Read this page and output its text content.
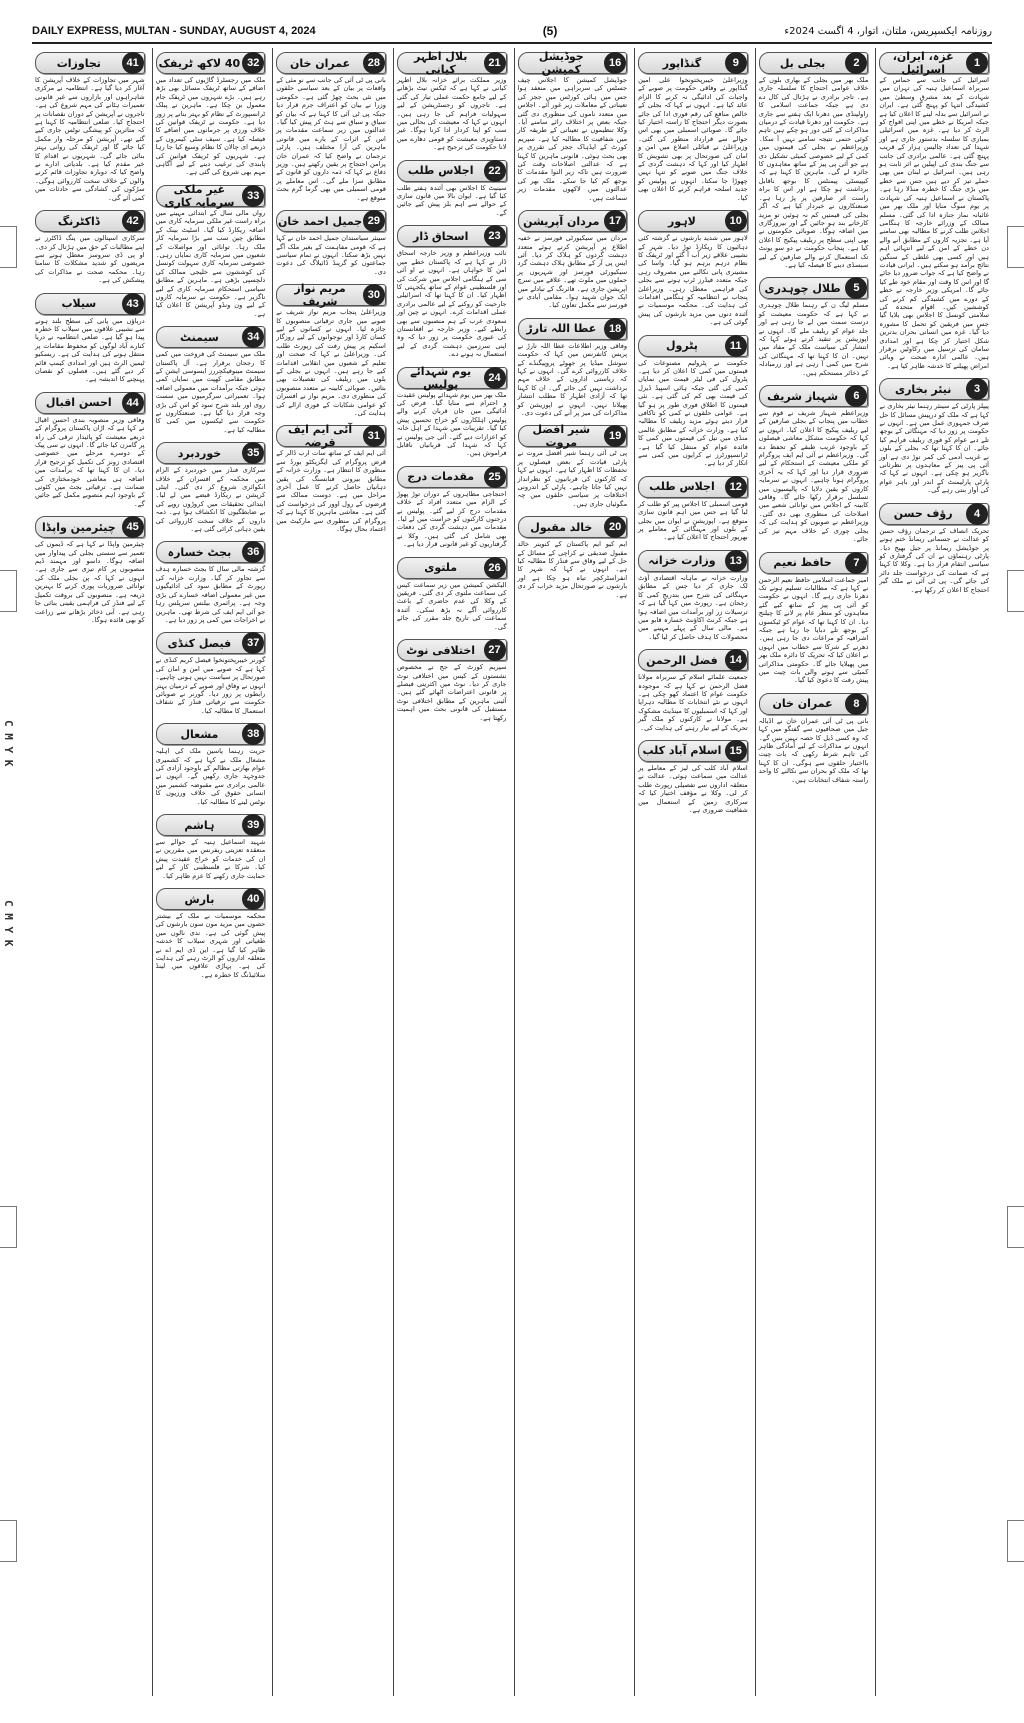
C M Y K
C M Y K
DAILY EXPRESS, MULTAN - SUNDAY, AUGUST 4, 2024	(5)	روزنامہ ایکسپریس، ملتان، اتوار، 4 اگست 2024ء
1
غزہ، ایران، اسرائیل

اسرائیل کی جانب سے حماس کے سربراہ اسماعیل ہنیہ کی تہران میں شہادت کے بعد مشرق وسطیٰ میں کشیدگی انتہا کو پہنچ گئی ہے۔ ایران نے اسرائیل سے بدلہ لینے کا اعلان کیا ہے جبکہ امریکا نے خطے میں اپنی افواج کو الرٹ کر دیا ہے۔ غزہ میں اسرائیلی بمباری کا سلسلہ بدستور جاری ہے اور شہدا کی تعداد چالیس ہزار کے قریب پہنچ گئی ہے۔ عالمی برادری کی جانب سے جنگ بندی کی اپیلیں بے اثر ثابت ہو رہی ہیں۔ اسرائیل نے لبنان میں بھی حملے تیز کر دیے ہیں جس سے خطے میں بڑی جنگ کا خطرہ منڈلا رہا ہے۔ پاکستان نے اسماعیل ہنیہ کی شہادت پر یوم سوگ منایا اور ملک بھر میں غائبانہ نماز جنازہ ادا کی گئی۔ مسلم ممالک کے وزرائے خارجہ کا ہنگامی اجلاس طلب کرنے کا مطالبہ بھی سامنے آیا ہے۔ تجزیہ کاروں کے مطابق آنے والے دن خطے کے امن کے لیے انتہائی اہم ہیں اور کسی بھی غلطی کے سنگین نتائج برآمد ہو سکتے ہیں۔ ایرانی قیادت نے واضح کیا ہے کہ جواب ضرور دیا جائے گا اور اس کا وقت اور مقام خود طے کیا جائے گا۔ امریکی وزیر خارجہ نے خطے کے دورے میں کشیدگی کم کرنے کی کوششیں کیں۔ اقوام متحدہ کی سلامتی کونسل کا اجلاس بھی بلایا گیا جس میں فریقین کو تحمل کا مشورہ دیا گیا۔ غزہ میں انسانی بحران بدترین شکل اختیار کر چکا ہے اور امدادی سامان کی ترسیل میں رکاوٹیں برقرار ہیں۔ عالمی ادارہ صحت نے وبائی امراض پھیلنے کا خدشہ ظاہر کیا ہے۔

3
نیئر بخاری

پیپلز پارٹی کے سینئر رہنما نیئر بخاری نے کہا ہے کہ ملک کو درپیش مسائل کا حل صرف جمہوری عمل میں ہے۔ انہوں نے حکومت پر زور دیا کہ مہنگائی کے بوجھ تلے دبے عوام کو فوری ریلیف فراہم کیا جائے۔ ان کا کہنا تھا کہ بجلی کے بلوں نے غریب آدمی کی کمر توڑ دی ہے اور آئی پی پیز کے معاہدوں پر نظرثانی ناگزیر ہو چکی ہے۔ انہوں نے کہا کہ پارٹی پارلیمنٹ کے اندر اور باہر عوام کی آواز بنتی رہے گی۔

4
رؤف حسن

تحریک انصاف کے ترجمان رؤف حسن کو عدالت نے جسمانی ریمانڈ ختم ہونے پر جوڈیشل ریمانڈ پر جیل بھیج دیا۔ پارٹی رہنماؤں نے ان کی گرفتاری کو سیاسی انتقام قرار دیا ہے۔ وکلا کا کہنا ہے کہ ضمانت کی درخواست جلد دائر کی جائے گی۔ پی ٹی آئی نے ملک گیر احتجاج کا اعلان کر رکھا ہے۔

2
بجلی بل

ملک بھر میں بجلی کے بھاری بلوں کے خلاف عوامی احتجاج کا سلسلہ جاری ہے۔ تاجر برادری نے ہڑتال کی کال دے دی ہے جبکہ جماعت اسلامی کا راولپنڈی میں دھرنا ایک ہفتے سے جاری ہے۔ حکومت اور دھرنا قیادت کے درمیان مذاکرات کے کئی دور ہو چکے ہیں تاہم کوئی حتمی نتیجہ سامنے نہیں آ سکا۔ وزیراعظم نے بجلی کی قیمتوں میں کمی کے لیے خصوصی کمیٹی تشکیل دی ہے جو آئی پی پیز کے ساتھ معاہدوں کا جائزہ لے گی۔ ماہرین کا کہنا ہے کہ کیپیسٹی پیمنٹس کا بوجھ ناقابل برداشت ہو چکا ہے اور اس کا براہ راست اثر صارفین پر پڑ رہا ہے۔ صنعتکاروں نے خبردار کیا ہے کہ اگر بجلی کی قیمتیں کم نہ ہوئیں تو مزید کارخانے بند ہو جائیں گے اور بیروزگاری میں اضافہ ہوگا۔ صوبائی حکومتوں نے بھی اپنی سطح پر ریلیف پیکیج کا اعلان کیا ہے۔ پنجاب حکومت نے دو سو یونٹ تک استعمال کرنے والے صارفین کے لیے سبسڈی دینے کا فیصلہ کیا ہے۔

5
طلال چوہدری

مسلم لیگ ن کے رہنما طلال چوہدری نے کہا ہے کہ حکومت معیشت کو درست سمت میں لے جا رہی ہے اور جلد عوام کو ریلیف ملے گا۔ انہوں نے اپوزیشن پر تنقید کرتے ہوئے کہا کہ انتشار کی سیاست ملک کے مفاد میں نہیں۔ ان کا کہنا تھا کہ مہنگائی کی شرح میں کمی آ رہی ہے اور زرمبادلہ کے ذخائر مستحکم ہیں۔

6
شہباز شریف

وزیراعظم شہباز شریف نے قوم سے خطاب میں پنجاب کے بجلی صارفین کے لیے ریلیف پیکیج کا اعلان کیا۔ انہوں نے کہا کہ حکومت مشکل معاشی فیصلوں کے باوجود غریب طبقے کو تحفظ دے گی۔ وزیراعظم نے آئی ایم ایف پروگرام کو ملکی معیشت کے استحکام کے لیے ضروری قرار دیا اور کہا کہ یہ آخری پروگرام ہونا چاہیے۔ انہوں نے سرمایہ کاروں کو یقین دلایا کہ پالیسیوں میں تسلسل برقرار رکھا جائے گا۔ وفاقی کابینہ کے اجلاس میں توانائی شعبے میں اصلاحات کی منظوری بھی دی گئی۔ وزیراعظم نے صوبوں کو ہدایت کی کہ بجلی چوری کے خلاف مہم تیز کی جائے۔

7
حافظ نعیم

امیر جماعت اسلامی حافظ نعیم الرحمن نے کہا ہے کہ مطالبات تسلیم ہونے تک دھرنا جاری رہے گا۔ انہوں نے حکومت کو آئی پی پیز کے ساتھ کیے گئے معاہدوں کو منظر عام پر لانے کا چیلنج دیا۔ ان کا کہنا تھا کہ عوام کو ٹیکسوں کے بوجھ تلے دبایا جا رہا ہے جبکہ اشرافیہ کو مراعات دی جا رہی ہیں۔ دھرنے کے شرکا سے خطاب میں انہوں نے اعلان کیا کہ تحریک کا دائرہ ملک بھر میں پھیلایا جائے گا۔ حکومتی مذاکراتی کمیٹی سے ہونے والی بات چیت میں پیش رفت کا دعویٰ کیا گیا۔

8
عمران خان

بانی پی ٹی آئی عمران خان نے اڈیالہ جیل میں صحافیوں سے گفتگو میں کہا کہ وہ کسی ڈیل کا حصہ نہیں بنیں گے۔ انہوں نے مذاکرات کے لیے آمادگی ظاہر کی تاہم شرط رکھی کہ بات چیت بااختیار حلقوں سے ہوگی۔ ان کا کہنا تھا کہ ملک کو بحران سے نکالنے کا واحد راستہ شفاف انتخابات ہیں۔

9
گنڈاپور

وزیراعلیٰ خیبرپختونخوا علی امین گنڈاپور نے وفاقی حکومت پر صوبے کے واجبات کی ادائیگی نہ کرنے کا الزام عائد کیا ہے۔ انہوں نے کہا کہ بجلی کے خالص منافع کی رقم فوری ادا کی جائے بصورت دیگر احتجاج کا راستہ اختیار کیا جائے گا۔ صوبائی اسمبلی میں بھی اس حوالے سے قرارداد منظور کی گئی۔ وزیراعلیٰ نے قبائلی اضلاع میں امن و امان کی صورتحال پر بھی تشویش کا اظہار کیا اور کہا کہ دہشت گردی کے خلاف جنگ میں صوبے کو تنہا نہیں چھوڑا جا سکتا۔ انہوں نے پولیس کو جدید اسلحہ فراہم کرنے کا اعلان بھی کیا۔

10
لاہور

لاہور میں شدید بارشوں نے گزشتہ کئی دہائیوں کا ریکارڈ توڑ دیا۔ شہر کے نشیبی علاقے زیر آب آ گئے اور ٹریفک کا نظام درہم برہم ہو گیا۔ واسا کی مشینری پانی نکالنے میں مصروف رہی جبکہ متعدد فیڈرز ٹرپ ہونے سے بجلی کی فراہمی معطل رہی۔ وزیراعلیٰ پنجاب نے انتظامیہ کو ہنگامی اقدامات کی ہدایت کی۔ محکمہ موسمیات نے آئندہ دنوں میں مزید بارشوں کی پیش گوئی کی ہے۔

11
پٹرول

حکومت نے پٹرولیم مصنوعات کی قیمتوں میں کمی کا اعلان کر دیا ہے۔ پٹرول کی فی لیٹر قیمت میں نمایاں کمی کی گئی جبکہ ہائی اسپیڈ ڈیزل کی قیمت بھی کم کی گئی ہے۔ نئی قیمتوں کا اطلاق فوری طور پر ہو گیا ہے۔ عوامی حلقوں نے کمی کو ناکافی قرار دیتے ہوئے مزید ریلیف کا مطالبہ کیا ہے۔ وزارت خزانہ کے مطابق عالمی منڈی میں تیل کی قیمتوں میں کمی کا فائدہ عوام کو منتقل کیا گیا ہے۔ ٹرانسپورٹرز نے کرایوں میں کمی سے انکار کر دیا ہے۔

12
اجلاس طلب

قومی اسمبلی کا اجلاس پیر کو طلب کر لیا گیا ہے جس میں اہم قانون سازی متوقع ہے۔ اپوزیشن نے ایوان میں بجلی کے بلوں اور مہنگائی کے معاملے پر بھرپور احتجاج کا اعلان کیا ہے۔

13
وزارت خزانہ

وزارت خزانہ نے ماہانہ اقتصادی آؤٹ لک جاری کر دیا جس کے مطابق مہنگائی کی شرح میں بتدریج کمی کا رجحان ہے۔ رپورٹ میں کہا گیا ہے کہ ترسیلات زر اور برآمدات میں اضافہ ہوا ہے جبکہ کرنٹ اکاؤنٹ خسارہ قابو میں ہے۔ مالی سال کے پہلے مہینے میں محصولات کا ہدف حاصل کر لیا گیا۔

14
فضل الرحمن

جمعیت علمائے اسلام کے سربراہ مولانا فضل الرحمن نے کہا ہے کہ موجودہ حکومت عوام کا اعتماد کھو چکی ہے۔ انہوں نے نئے انتخابات کا مطالبہ دہرایا اور کہا کہ اسمبلیوں کا مینڈیٹ مشکوک ہے۔ مولانا نے کارکنوں کو ملک گیر تحریک کے لیے تیار رہنے کی ہدایت کی۔

15
اسلام آباد کلب

اسلام آباد کلب کی لیز کے معاملے پر عدالت میں سماعت ہوئی۔ عدالت نے متعلقہ اداروں سے تفصیلی رپورٹ طلب کر لی۔ وکلا نے مؤقف اختیار کیا کہ سرکاری زمین کے استعمال میں شفافیت ضروری ہے۔

16
جوڈیشل کمیشن

جوڈیشل کمیشن کا اجلاس چیف جسٹس کی سربراہی میں منعقد ہوا جس میں ہائی کورٹس میں ججز کی تعیناتی کے معاملات زیر غور آئے۔ اجلاس میں متعدد ناموں کی منظوری دی گئی جبکہ بعض پر اختلاف رائے سامنے آیا۔ وکلا تنظیموں نے تعیناتی کے طریقہ کار میں شفافیت کا مطالبہ کیا ہے۔ سپریم کورٹ کے ایڈہاک ججز کی تقرری پر بھی بحث ہوئی۔ قانونی ماہرین کا کہنا ہے کہ عدالتی اصلاحات وقت کی ضرورت ہیں تاکہ زیر التوا مقدمات کا بوجھ کم کیا جا سکے۔ ملک بھر کی عدالتوں میں لاکھوں مقدمات زیر سماعت ہیں۔

17
مردان آپریشن

مردان میں سیکیورٹی فورسز نے خفیہ اطلاع پر آپریشن کرتے ہوئے متعدد دہشت گردوں کو ہلاک کر دیا۔ آئی ایس پی آر کے مطابق ہلاک دہشت گرد سیکیورٹی فورسز اور شہریوں پر حملوں میں ملوث تھے۔ علاقے میں سرچ آپریشن جاری ہے۔ فائرنگ کے تبادلے میں ایک جوان شہید ہوا۔ مقامی آبادی نے فورسز سے مکمل تعاون کیا۔

18
عطا اللہ تارڑ

وفاقی وزیر اطلاعات عطا اللہ تارڑ نے پریس کانفرنس میں کہا کہ حکومت سوشل میڈیا پر جھوٹے پروپیگنڈے کے خلاف کارروائی کرے گی۔ انہوں نے کہا کہ ریاستی اداروں کے خلاف مہم برداشت نہیں کی جائے گی۔ ان کا کہنا تھا کہ آزادی اظہار کا مطلب انتشار پھیلانا نہیں۔ انہوں نے اپوزیشن کو مذاکرات کی میز پر آنے کی دعوت دی۔

19
شیر افضل مروت

پی ٹی آئی رہنما شیر افضل مروت نے پارٹی قیادت کے بعض فیصلوں پر تحفظات کا اظہار کیا ہے۔ انہوں نے کہا کہ کارکنوں کی قربانیوں کو نظرانداز نہیں کیا جانا چاہیے۔ پارٹی کے اندرونی اختلافات پر سیاسی حلقوں میں چہ مگوئیاں جاری ہیں۔

20
خالد مقبول

ایم کیو ایم پاکستان کے کنوینر خالد مقبول صدیقی نے کراچی کے مسائل کے حل کے لیے وفاق سے فنڈز کا مطالبہ کیا ہے۔ انہوں نے کہا کہ شہر کا انفراسٹرکچر تباہ ہو چکا ہے اور بارشوں نے صورتحال مزید خراب کر دی ہے۔

21
بلال اظہر کیانی

وزیر مملکت برائے خزانہ بلال اظہر کیانی نے کہا ہے کہ ٹیکس نیٹ بڑھانے کے لیے جامع حکمت عملی تیار کی گئی ہے۔ تاجروں کو رجسٹریشن کے لیے سہولیات فراہم کی جا رہی ہیں۔ انہوں نے کہا کہ معیشت کی بحالی میں سب کو اپنا کردار ادا کرنا ہوگا۔ غیر دستاویزی معیشت کو قومی دھارے میں لانا حکومت کی ترجیح ہے۔

22
اجلاس طلب

سینیٹ کا اجلاس بھی آئندہ ہفتے طلب کیا گیا ہے۔ ایوان بالا میں قانون سازی کے حوالے سے اہم بلز پیش کیے جائیں گے۔

23
اسحاق ڈار

نائب وزیراعظم و وزیر خارجہ اسحاق ڈار نے کہا ہے کہ پاکستان خطے میں امن کا خواہاں ہے۔ انہوں نے او آئی سی کے ہنگامی اجلاس میں شرکت کی اور فلسطینی عوام کے ساتھ یکجہتی کا اظہار کیا۔ ان کا کہنا تھا کہ اسرائیلی جارحیت کو روکنے کے لیے عالمی برادری عملی اقدامات کرے۔ انہوں نے چین اور سعودی عرب کے ہم منصبوں سے بھی رابطے کیے۔ وزیر خارجہ نے افغانستان کی عبوری حکومت پر زور دیا کہ وہ اپنی سرزمین دہشت گردی کے لیے استعمال نہ ہونے دے۔

24
یوم شہدائے پولیس

ملک بھر میں یوم شہدائے پولیس عقیدت و احترام سے منایا گیا۔ فرض کی ادائیگی میں جان قربان کرنے والے پولیس اہلکاروں کو خراج تحسین پیش کیا گیا۔ تقریبات میں شہدا کے اہل خانہ کو اعزازات دیے گئے۔ آئی جی پولیس نے کہا کہ شہدا کی قربانیاں ناقابل فراموش ہیں۔

25
مقدمات درج

احتجاجی مظاہروں کے دوران توڑ پھوڑ کے الزام میں متعدد افراد کے خلاف مقدمات درج کر لیے گئے۔ پولیس نے درجنوں کارکنوں کو حراست میں لے لیا۔ مقدمات میں دہشت گردی کی دفعات بھی شامل کی گئی ہیں۔ وکلا نے گرفتاریوں کو غیر قانونی قرار دیا ہے۔

26
ملتوی

الیکشن کمیشن میں زیر سماعت کیس کی سماعت ملتوی کر دی گئی۔ فریقین کے وکلا کی عدم حاضری کے باعث کارروائی آگے نہ بڑھ سکی۔ آئندہ سماعت کی تاریخ جلد مقرر کی جائے گی۔

27
اختلافی نوٹ

سپریم کورٹ کے جج نے مخصوص نشستوں کے کیس میں اختلافی نوٹ جاری کر دیا۔ نوٹ میں اکثریتی فیصلے پر قانونی اعتراضات اٹھائے گئے ہیں۔ آئینی ماہرین کے مطابق اختلافی نوٹ مستقبل کی قانونی بحث میں اہمیت رکھتا ہے۔

28
عمران خان

بانی پی ٹی آئی کی جانب سے نو مئی کے واقعات پر بیان کے بعد سیاسی حلقوں میں نئی بحث چھڑ گئی ہے۔ حکومتی وزرا نے بیان کو اعتراف جرم قرار دیا جبکہ پی ٹی آئی کا کہنا ہے کہ بیان کو سیاق و سباق سے ہٹ کر پیش کیا گیا۔ عدالتوں میں زیر سماعت مقدمات پر اس کے اثرات کے بارے میں قانونی ماہرین کی آرا مختلف ہیں۔ پارٹی ترجمان نے واضح کیا کہ عمران خان پرامن احتجاج پر یقین رکھتے ہیں۔ وزیر دفاع نے کہا کہ ذمہ داروں کو قانون کے مطابق سزا ملے گی۔ اس معاملے پر قومی اسمبلی میں بھی گرما گرم بحث متوقع ہے۔

29
جمیل احمد خان

سینئر سیاستدان جمیل احمد خان نے کہا ہے کہ قومی مفاہمت کے بغیر ملک آگے نہیں بڑھ سکتا۔ انہوں نے تمام سیاسی جماعتوں کو گرینڈ ڈائیلاگ کی دعوت دی۔

30
مریم نواز شریف

وزیراعلیٰ پنجاب مریم نواز شریف نے صوبے میں جاری ترقیاتی منصوبوں کا جائزہ لیا۔ انہوں نے کسانوں کے لیے کسان کارڈ اور نوجوانوں کے لیے روزگار اسکیم پر پیش رفت کی رپورٹ طلب کی۔ وزیراعلیٰ نے کہا کہ صحت اور تعلیم کے شعبوں میں انقلابی اقدامات کیے جا رہے ہیں۔ انہوں نے بجلی کے بلوں میں ریلیف کی تفصیلات بھی بتائیں۔ صوبائی کابینہ نے متعدد منصوبوں کی منظوری دی۔ مریم نواز نے افسران کو عوامی شکایات کے فوری ازالے کی ہدایت کی۔

31
آئی ایم ایف قرضہ

آئی ایم ایف کے ساتھ سات ارب ڈالر کے قرض پروگرام کی ایگزیکٹو بورڈ سے منظوری کا انتظار ہے۔ وزارت خزانہ کے مطابق بیرونی فنانسنگ کی یقین دہانیاں حاصل کرنے کا عمل آخری مراحل میں ہے۔ دوست ممالک سے قرضوں کے رول اوور کی درخواست کی گئی ہے۔ معاشی ماہرین کا کہنا ہے کہ پروگرام کی منظوری سے مارکیٹ میں اعتماد بحال ہوگا۔

32
40 لاکھ ٹریفک

ملک میں رجسٹرڈ گاڑیوں کی تعداد میں اضافے کے ساتھ ٹریفک مسائل بھی بڑھ رہے ہیں۔ بڑے شہروں میں ٹریفک جام معمول بن چکا ہے۔ ماہرین نے پبلک ٹرانسپورٹ کے نظام کو بہتر بنانے پر زور دیا ہے۔ حکومت نے ٹریفک قوانین کی خلاف ورزی پر جرمانوں میں اضافے کا فیصلہ کیا ہے۔ سیف سٹی کیمروں کے ذریعے ای چالان کا نظام وسیع کیا جا رہا ہے۔ شہریوں کو ٹریفک قوانین کی پابندی کی ترغیب دینے کے لیے آگاہی مہم بھی شروع کی گئی ہے۔

33
غیر ملکی سرمایہ کاری

رواں مالی سال کے ابتدائی مہینے میں براہ راست غیر ملکی سرمایہ کاری میں اضافہ ریکارڈ کیا گیا۔ اسٹیٹ بینک کے مطابق چین سب سے بڑا سرمایہ کار ملک رہا۔ توانائی اور مواصلات کے شعبوں میں سرمایہ کاری نمایاں رہی۔ خصوصی سرمایہ کاری سہولت کونسل کی کوششوں سے خلیجی ممالک کی دلچسپی بڑھی ہے۔ ماہرین کے مطابق سیاسی استحکام سرمایہ کاری کے لیے ناگزیر ہے۔ حکومت نے سرمایہ کاروں کے لیے ون ونڈو آپریشن کا اعلان کیا ہے۔

34
سیمنٹ

ملک میں سیمنٹ کی فروخت میں کمی کا رجحان برقرار ہے۔ آل پاکستان سیمنٹ مینوفیکچررز ایسوسی ایشن کے مطابق مقامی کھپت میں نمایاں کمی ہوئی جبکہ برآمدات میں معمولی اضافہ ہوا۔ تعمیراتی سرگرمیوں میں سست روی اور بلند شرح سود کو اس کی بڑی وجہ قرار دیا گیا ہے۔ صنعتکاروں نے حکومت سے ٹیکسوں میں کمی کا مطالبہ کیا ہے۔

35
خوردبرد

سرکاری فنڈز میں خوردبرد کے الزام میں محکمہ کے افسران کے خلاف انکوائری شروع کر دی گئی۔ اینٹی کرپشن نے ریکارڈ قبضے میں لے لیا۔ ابتدائی تحقیقات میں کروڑوں روپے کی بے ضابطگیوں کا انکشاف ہوا ہے۔ ذمہ داروں کے خلاف سخت کارروائی کی یقین دہانی کرائی گئی ہے۔

36
بجٹ خسارہ

گزشتہ مالی سال کا بجٹ خسارہ ہدف سے تجاوز کر گیا۔ وزارت خزانہ کی رپورٹ کے مطابق سود کی ادائیگیوں میں غیر معمولی اضافہ خسارے کی بڑی وجہ ہے۔ پرائمری بیلنس سرپلس رہا جو آئی ایم ایف کی شرط تھی۔ ماہرین نے اخراجات میں کمی پر زور دیا ہے۔

37
فیصل کنڈی

گورنر خیبرپختونخوا فیصل کریم کنڈی نے کہا ہے کہ صوبے میں امن و امان کی صورتحال پر سیاست نہیں ہونی چاہیے۔ انہوں نے وفاق اور صوبے کے درمیان بہتر رابطوں پر زور دیا۔ گورنر نے صوبائی حکومت سے ترقیاتی فنڈز کے شفاف استعمال کا مطالبہ کیا۔

38
مشعال

حریت رہنما یاسین ملک کی اہلیہ مشعال ملک نے کہا ہے کہ کشمیری عوام بھارتی مظالم کے باوجود آزادی کی جدوجہد جاری رکھیں گے۔ انہوں نے عالمی برادری سے مقبوضہ کشمیر میں انسانی حقوق کی خلاف ورزیوں کا نوٹس لینے کا مطالبہ کیا۔

39
ہاشم

شہید اسماعیل ہنیہ کے حوالے سے منعقدہ تعزیتی ریفرنس میں مقررین نے ان کی خدمات کو خراج عقیدت پیش کیا۔ شرکا نے فلسطینی کاز کے لیے حمایت جاری رکھنے کا عزم ظاہر کیا۔

40
بارش

محکمہ موسمیات نے ملک کے بیشتر حصوں میں مزید مون سون بارشوں کی پیش گوئی کی ہے۔ ندی نالوں میں طغیانی اور شہری سیلاب کا خدشہ ظاہر کیا گیا ہے۔ این ڈی ایم اے نے متعلقہ اداروں کو الرٹ رہنے کی ہدایت کی ہے۔ پہاڑی علاقوں میں لینڈ سلائیڈنگ کا خطرہ ہے۔

41
تجاوزات

شہر میں تجاوزات کے خلاف آپریشن کا آغاز کر دیا گیا ہے۔ انتظامیہ نے مرکزی شاہراہوں اور بازاروں سے غیر قانونی تعمیرات ہٹانے کی مہم شروع کی ہے۔ تاجروں نے آپریشن کے دوران نقصانات پر احتجاج کیا۔ ضلعی انتظامیہ کا کہنا ہے کہ متاثرین کو پیشگی نوٹس جاری کیے گئے تھے۔ آپریشن کو مرحلہ وار مکمل کیا جائے گا اور ٹریفک کی روانی بہتر بنائی جائے گی۔ شہریوں نے اقدام کا خیر مقدم کیا ہے۔ بلدیاتی ادارے نے واضح کیا کہ دوبارہ تجاوزات قائم کرنے والوں کے خلاف سخت کارروائی ہوگی۔ سڑکوں کی کشادگی سے حادثات میں کمی آئے گی۔

42
ڈاکٹرنگ

سرکاری اسپتالوں میں ینگ ڈاکٹرز نے اپنے مطالبات کے حق میں ہڑتال کر دی۔ او پی ڈی سروسز معطل ہونے سے مریضوں کو شدید مشکلات کا سامنا رہا۔ محکمہ صحت نے مذاکرات کی پیشکش کی ہے۔

43
سیلاب

دریاؤں میں پانی کی سطح بلند ہونے سے نشیبی علاقوں میں سیلاب کا خطرہ پیدا ہو گیا ہے۔ ضلعی انتظامیہ نے دریا کنارے آباد لوگوں کو محفوظ مقامات پر منتقل ہونے کی ہدایت کی ہے۔ ریسکیو ٹیمیں الرٹ ہیں اور امدادی کیمپ قائم کر دیے گئے ہیں۔ فصلوں کو نقصان پہنچنے کا اندیشہ ہے۔

44
احسن اقبال

وفاقی وزیر منصوبہ بندی احسن اقبال نے کہا ہے کہ اڑان پاکستان پروگرام کے ذریعے معیشت کو پائیدار ترقی کی راہ پر گامزن کیا جائے گا۔ انہوں نے سی پیک کے دوسرے مرحلے میں خصوصی اقتصادی زونز کی تکمیل کو ترجیح قرار دیا۔ ان کا کہنا تھا کہ برآمدات میں اضافہ ہی معاشی خودمختاری کی ضمانت ہے۔ ترقیاتی بجٹ میں کٹوتی کے باوجود اہم منصوبے مکمل کیے جائیں گے۔

45
چیئرمین واپڈا

چیئرمین واپڈا نے کہا ہے کہ ڈیموں کی تعمیر سے سستی بجلی کی پیداوار میں اضافہ ہوگا۔ داسو اور مہمند ڈیم منصوبوں پر کام تیزی سے جاری ہے۔ انہوں نے کہا کہ پن بجلی ملک کی توانائی ضروریات پوری کرنے کا بہترین ذریعہ ہے۔ منصوبوں کی بروقت تکمیل کے لیے فنڈز کی فراہمی یقینی بنائی جا رہی ہے۔ آبی ذخائر بڑھانے سے زراعت کو بھی فائدہ ہوگا۔
